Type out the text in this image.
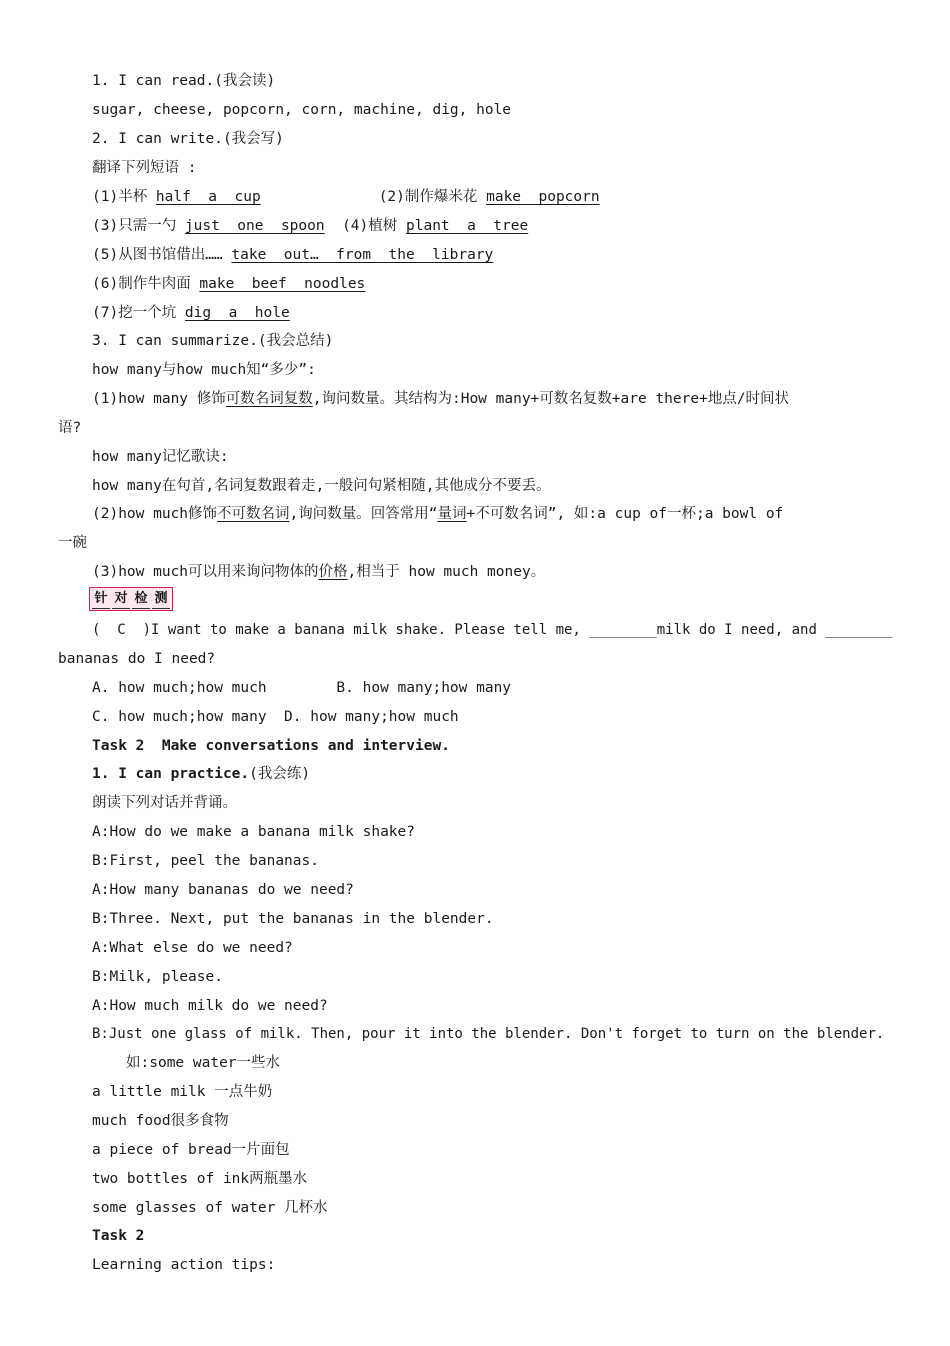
1. I can read.(我会读)
sugar, cheese, popcorn, corn, machine, dig, hole
2. I can write.(我会写)
翻译下列短语 :
(1)半杯 half  a  cup	(2)制作爆米花 make  popcorn
(3)只需一勺 just  one  spoon  (4)植树 plant  a  tree
(5)从图书馆借出…… take  out…  from  the  library
(6)制作牛肉面 make  beef  noodles
(7)挖一个坑 dig  a  hole
3. I can summarize.(我会总结)
how many与how much知“多少”:
(1)how many 修饰可数名词复数,询问数量。其结构为:How many+可数名复数+are there+地点/时间状
语?
how many记忆歌诀:
how many在句首,名词复数跟着走,一般问句紧相随,其他成分不要丢。
(2)how much修饰不可数名词,询问数量。回答常用“量词+不可数名词”, 如:a cup of一杯;a bowl of
一碗
(3)how much可以用来询问物体的价格,相当于 how much money。
针 对 检 测
(  C  )I want to make a banana milk shake. Please tell me, ________milk do I need, and ________
bananas do I need?
A. how much;how much        B. how many;how many
C. how much;how many  D. how many;how much
Task 2  Make conversations and interview.
1. I can practice.(我会练)
朗读下列对话并背诵。
A:How do we make a banana milk shake?
B:First, peel the bananas.
A:How many bananas do we need?
B:Three. Next, put the bananas in the blender.
A:What else do we need?
B:Milk, please.
A:How much milk do we need?
B:Just one glass of milk. Then, pour it into the blender. Don't forget to turn on the blender.
如:some water一些水
a little milk 一点牛奶
much food很多食物
a piece of bread一片面包
two bottles of ink两瓶墨水
some glasses of water 几杯水
Task 2
Learning action tips:
